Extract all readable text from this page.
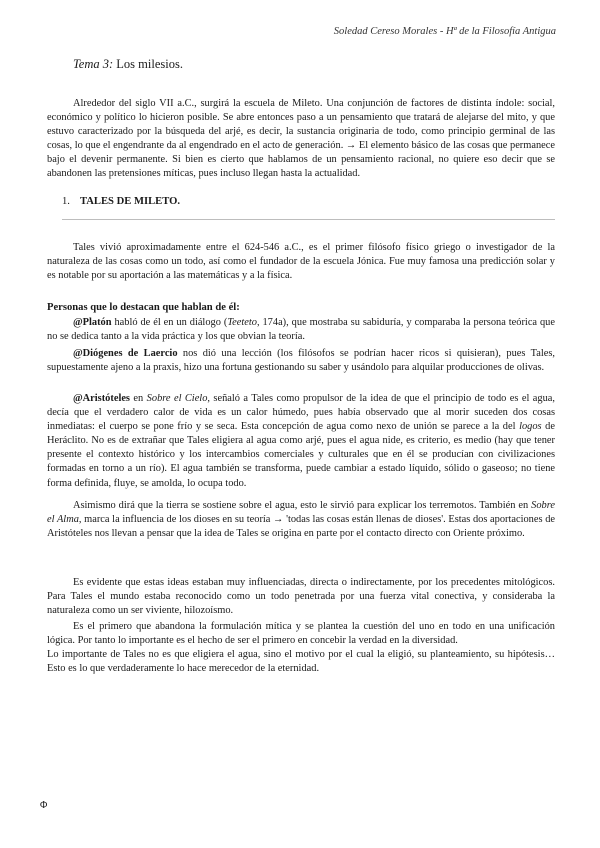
Soledad Cereso Morales - Hª de la Filosofía Antigua
Tema 3: Los milesios.

Alrededor del siglo VII a.C., surgirá la escuela de Mileto. Una conjunción de factores de distinta índole: social, económico y político lo hicieron posible. Se abre entonces paso a un pensamiento que tratará de alejarse del mito, y que estuvo caracterizado por la búsqueda del arjé, es decir, la sustancia originaria de todo, como principio germinal de las cosas, lo que el engendrante da al engendrado en el acto de generación. → El elemento básico de las cosas que permanece bajo el devenir permanente. Si bien es cierto que hablamos de un pensamiento racional, no quiere eso decir que se abandonen las pretensiones míticas, pues incluso llegan hasta la actualidad.

1. TALES DE MILETO.

Tales vivió aproximadamente entre el 624-546 a.C., es el primer filósofo físico griego o investigador de la naturaleza de las cosas como un todo, así como el fundador de la escuela Jónica. Fue muy famosa una predicción solar y es notable por su aportación a las matemáticas y a la física.

Personas que lo destacan que hablan de él:

@Platón habló de él en un diálogo (Teeteto, 174a), que mostraba su sabiduría, y comparaba la persona teórica que no se dedica tanto a la vida práctica y los que obvian la teoría.

@Diógenes de Laercio nos dió una lección (los filósofos se podrían hacer ricos si quisieran), pues Tales, supuestamente ajeno a la praxis, hizo una fortuna gestionando su saber y usándolo para alquilar producciones de olivas.

@Aristóteles en Sobre el Cielo, señaló a Tales como propulsor de la idea de que el principio de todo es el agua, decía que el verdadero calor de vida es un calor húmedo, pues había observado que al morir suceden dos cosas inmediatas: el cuerpo se pone frío y se seca. Esta concepción de agua como nexo de unión se parece a la del logos de Heráclito. No es de extrañar que Tales eligiera al agua como arjé, pues el agua nide, es criterio, es medio (hay que tener presente el contexto histórico y los intercambios comerciales y culturales que en él se producían con civilizaciones formadas en torno a un río). El agua también se transforma, puede cambiar a estado líquido, sólido o gaseoso; no tiene forma definida, fluye, se amolda, lo ocupa todo.

Asimismo dirá que la tierra se sostiene sobre el agua, esto le sirvió para explicar los terremotos. También en Sobre el Alma, marca la influencia de los dioses en su teoría → 'todas las cosas están llenas de dioses'. Estas dos aportaciones de Aristóteles nos llevan a pensar que la idea de Tales se origina en parte por el contacto directo con Oriente próximo.

Es evidente que estas ideas estaban muy influenciadas, directa o indirectamente, por los precedentes mitológicos. Para Tales el mundo estaba reconocido como un todo penetrada por una fuerza vital conectiva, y consideraba la naturaleza como un ser viviente, hilozoísmo.

Es el primero que abandona la formulación mítica y se plantea la cuestión del uno en todo en una unificación lógica. Por tanto lo importante es el hecho de ser el primero en concebir la verdad en la diversidad.

Lo importante de Tales no es que eligiera el agua, sino el motivo por el cual la eligió, su planteamiento, su hipótesis… Esto es lo que verdaderamente lo hace merecedor de la eternidad.

Φ
